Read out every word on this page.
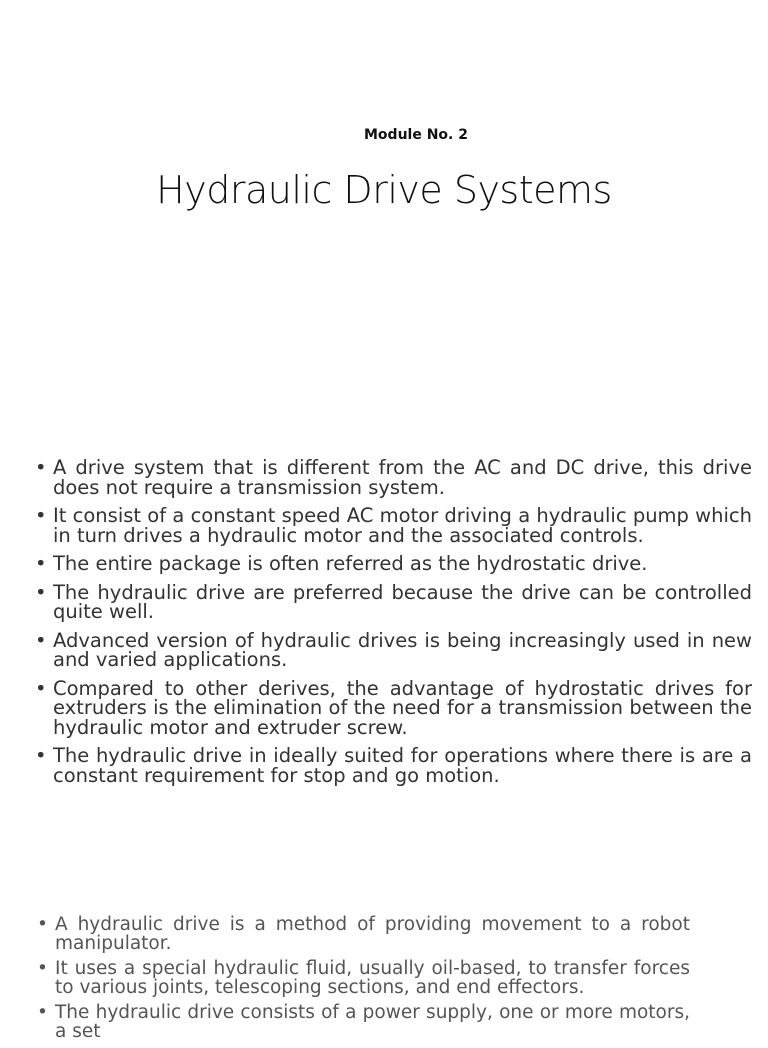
Module No. 2
Hydraulic Drive Systems
• A drive system that is different from the AC and DC drive, this drive does not require a transmission system.
• It consist of a constant speed AC motor driving a hydraulic pump which in turn drives a hydraulic motor and the associated controls.
• The entire package is often referred as the hydrostatic drive.
• The hydraulic drive are preferred because the drive can be controlled quite well.
• Advanced version of hydraulic drives is being increasingly used in new and varied applications.
• Compared to other derives, the advantage of hydrostatic drives for extruders is the elimination of the need for a transmission between the hydraulic motor and extruder screw.
• The hydraulic drive in ideally suited for operations where there is are a constant requirement for stop and go motion.
• A hydraulic drive is a method of providing movement to a robot manipulator.
• It uses a special hydraulic fluid, usually oil-based, to transfer forces to various joints, telescoping sections, and end effectors.
• The hydraulic drive consists of a power supply, one or more motors, a set
